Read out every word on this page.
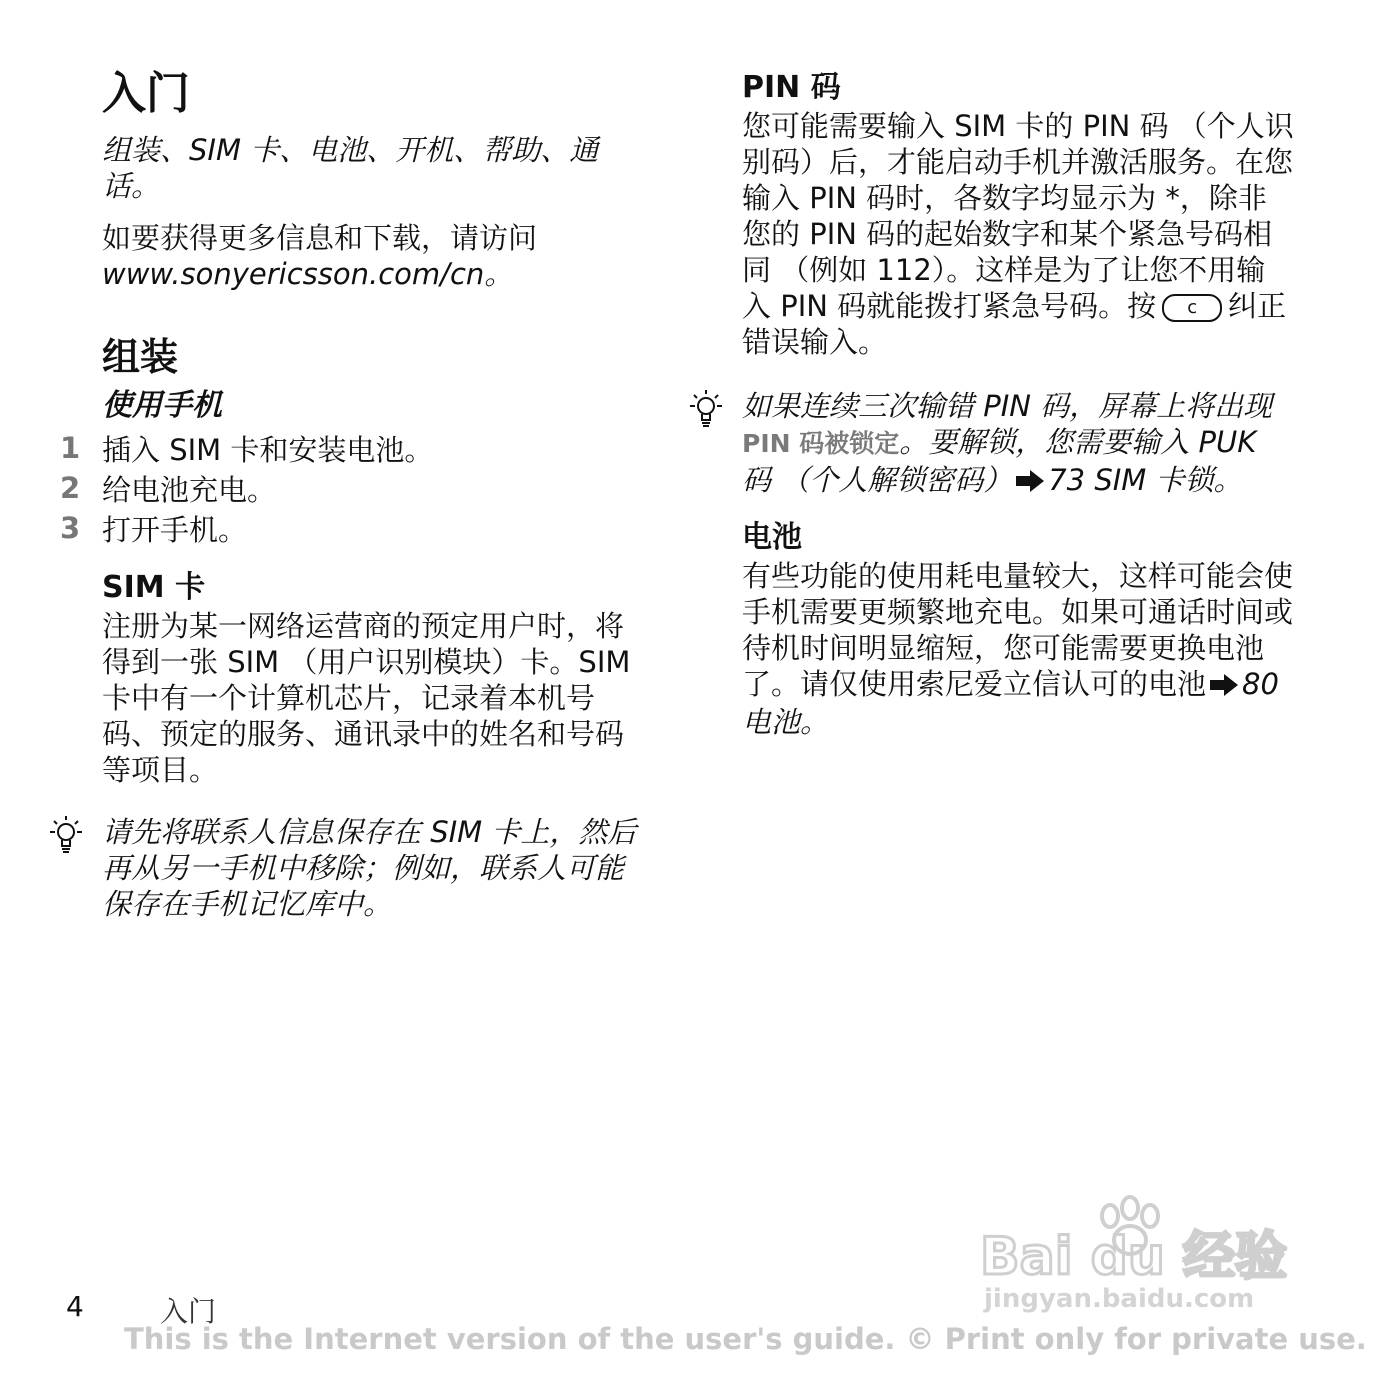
入门
组装、SIM 卡、电池、开机、帮助、通话。
如要获得更多信息和下载，请访问
www.sonyericsson.com/cn。
组装
使用手机
1 插入 SIM 卡和安装电池。
2 给电池充电。
3 打开手机。
SIM 卡
注册为某一网络运营商的预定用户时，将得到一张 SIM （用户识别模块）卡。SIM 卡中有一个计算机芯片，记录着本机号码、预定的服务、通讯录中的姓名和号码等项目。
请先将联系人信息保存在 SIM 卡上，然后再从另一手机中移除；例如，联系人可能保存在手机记忆库中。
PIN 码
您可能需要输入 SIM 卡的 PIN 码 （个人识别码）后，才能启动手机并激活服务。在您输入 PIN 码时，各数字均显示为 *，除非您的 PIN 码的起始数字和某个紧急号码相同 （例如 112）。这样是为了让您不用输入 PIN 码就能拨打紧急号码。按 c 纠正错误输入。
如果连续三次输错 PIN 码，屏幕上将出现PIN 码被锁定。要解锁，您需要输入 PUK 码 （个人解锁密码） 73 SIM 卡锁。
电池
有些功能的使用耗电量较大，这样可能会使手机需要更频繁地充电。如果可通话时间或待机时间明显缩短，您可能需要更换电池了。请仅使用索尼爱立信认可的电池 80 电池。
Bai du 经验
jingyan.baidu.com
4	入门
This is the Internet version of the user's guide. © Print only for private use.
